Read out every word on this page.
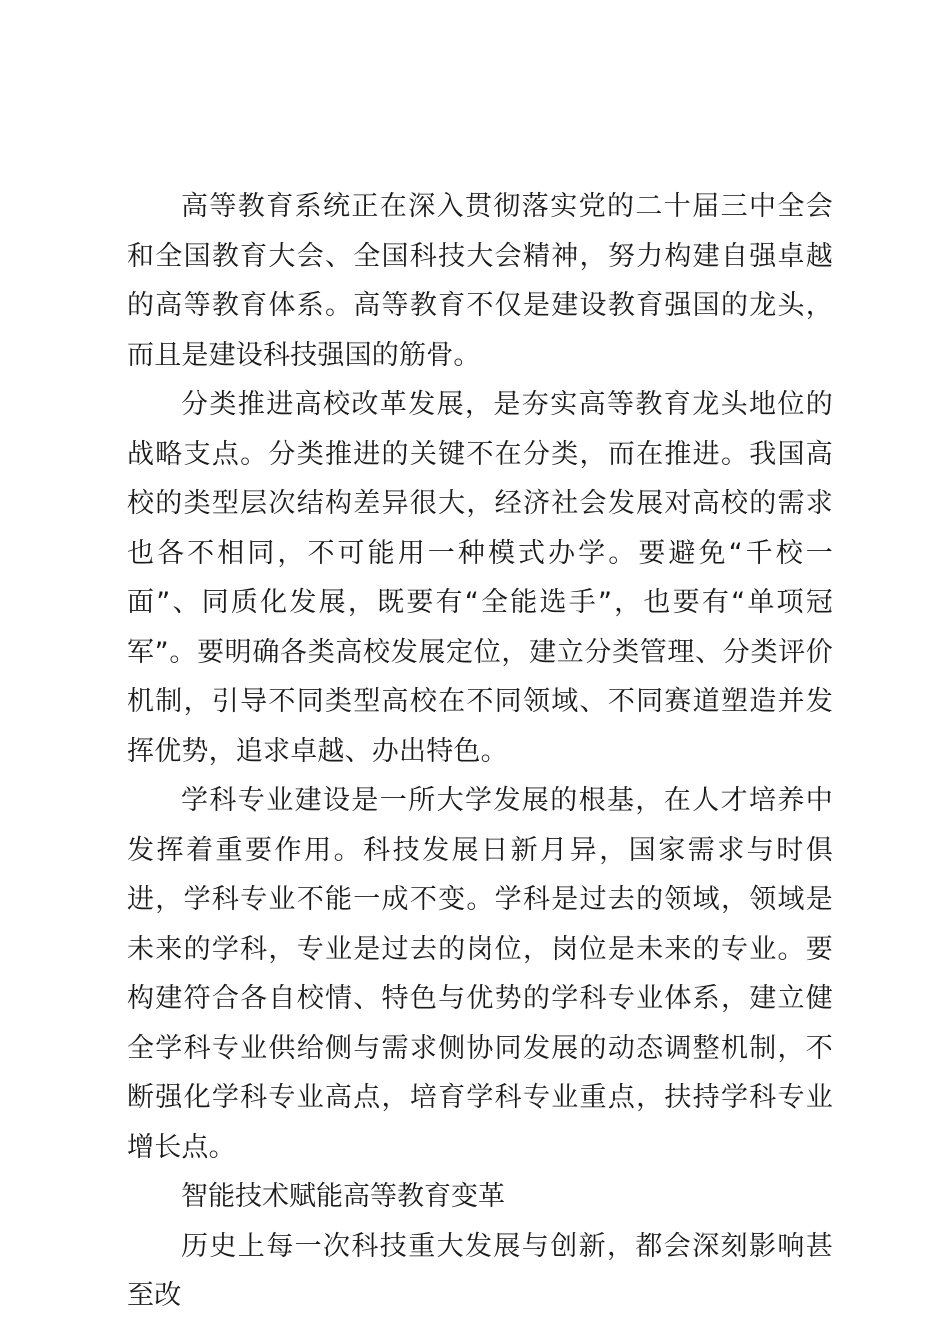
高等教育系统正在深入贯彻落实党的二十届三中全会和全国教育大会、全国科技大会精神，努力构建自强卓越的高等教育体系。高等教育不仅是建设教育强国的龙头，而且是建设科技强国的筋骨。

分类推进高校改革发展，是夯实高等教育龙头地位的战略支点。分类推进的关键不在分类，而在推进。我国高校的类型层次结构差异很大，经济社会发展对高校的需求也各不相同，不可能用一种模式办学。要避免“千校一面”、同质化发展，既要有“全能选手”，也要有“单项冠军”。要明确各类高校发展定位，建立分类管理、分类评价机制，引导不同类型高校在不同领域、不同赛道塑造并发挥优势，追求卓越、办出特色。

学科专业建设是一所大学发展的根基，在人才培养中发挥着重要作用。科技发展日新月异，国家需求与时俱进，学科专业不能一成不变。学科是过去的领域，领域是未来的学科，专业是过去的岗位，岗位是未来的专业。要构建符合各自校情、特色与优势的学科专业体系，建立健全学科专业供给侧与需求侧协同发展的动态调整机制，不断强化学科专业高点，培育学科专业重点，扶持学科专业增长点。

智能技术赋能高等教育变革

历史上每一次科技重大发展与创新，都会深刻影响甚至改
